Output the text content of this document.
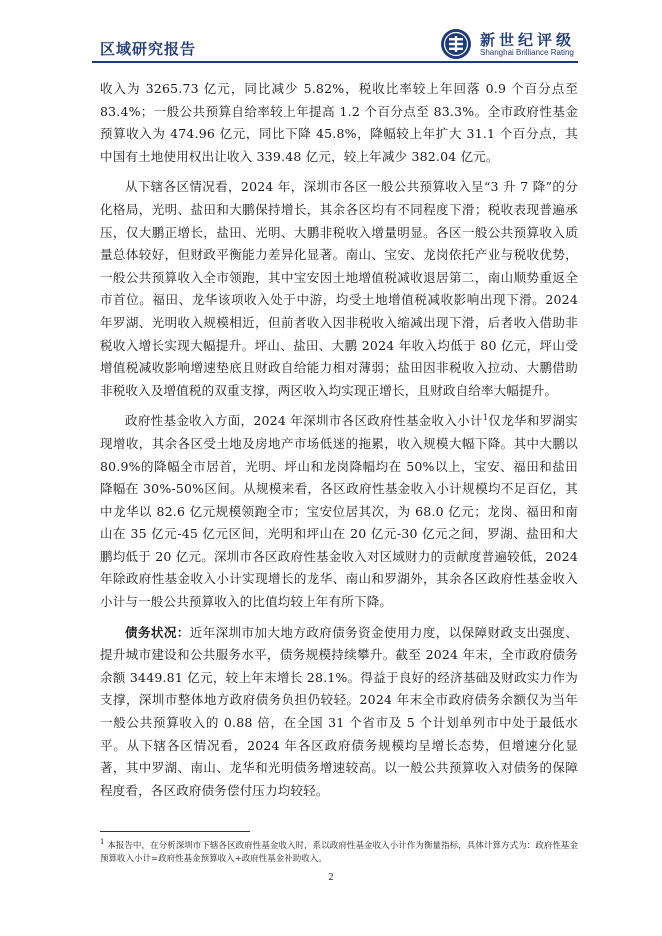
区域研究报告	新世纪评级
Shanghai Brilliance Rating

收入为 3265.73 亿元，同比减少 5.82%，税收比率较上年回落 0.9 个百分点至 83.4%；一般公共预算自给率较上年提高 1.2 个百分点至 83.3%。全市政府性基金预算收入为 474.96 亿元，同比下降 45.8%，降幅较上年扩大 31.1 个百分点，其中国有土地使用权出让收入 339.48 亿元，较上年减少 382.04 亿元。

从下辖各区情况看，2024 年，深圳市各区一般公共预算收入呈“3 升 7 降”的分化格局，光明、盐田和大鹏保持增长，其余各区均有不同程度下滑；税收表现普遍承压，仅大鹏正增长，盐田、光明、大鹏非税收入增量明显。各区一般公共预算收入质量总体较好，但财政平衡能力差异化显著。南山、宝安、龙岗依托产业与税收优势，一般公共预算收入全市领跑，其中宝安因土地增值税减收退居第二，南山顺势重返全市首位。福田、龙华该项收入处于中游，均受土地增值税减收影响出现下滑。2024 年罗湖、光明收入规模相近，但前者收入因非税收入缩减出现下滑，后者收入借助非税收入增长实现大幅提升。坪山、盐田、大鹏 2024 年收入均低于 80 亿元，坪山受增值税减收影响增速垫底且财政自给能力相对薄弱；盐田因非税收入拉动、大鹏借助非税收入及增值税的双重支撑，两区收入均实现正增长，且财政自给率大幅提升。

政府性基金收入方面，2024 年深圳市各区政府性基金收入小计$^1$仅龙华和罗湖实现增收，其余各区受土地及房地产市场低迷的拖累，收入规模大幅下降。其中大鹏以 80.9%的降幅全市居首，光明、坪山和龙岗降幅均在 50%以上，宝安、福田和盐田降幅在 30%-50%区间。从规模来看，各区政府性基金收入小计规模均不足百亿，其中龙华以 82.6 亿元规模领跑全市；宝安位居其次，为 68.0 亿元；龙岗、福田和南山在 35 亿元-45 亿元区间，光明和坪山在 20 亿元-30 亿元之间，罗湖、盐田和大鹏均低于 20 亿元。深圳市各区政府性基金收入对区域财力的贡献度普遍较低，2024 年除政府性基金收入小计实现增长的龙华、南山和罗湖外，其余各区政府性基金收入小计与一般公共预算收入的比值均较上年有所下降。

债务状况：近年深圳市加大地方政府债务资金使用力度，以保障财政支出强度、提升城市建设和公共服务水平，债务规模持续攀升。截至 2024 年末，全市政府债务余额 3449.81 亿元，较上年末增长 28.1%。得益于良好的经济基础及财政实力作为支撑，深圳市整体地方政府债务负担仍较轻。2024 年末全市政府债务余额仅为当年一般公共预算收入的 0.88 倍，在全国 31 个省市及 5 个计划单列市中处于最低水平。从下辖各区情况看，2024 年各区政府债务规模均呈增长态势，但增速分化显著，其中罗湖、南山、龙华和光明债务增速较高。以一般公共预算收入对债务的保障程度看，各区政府债务偿付压力均较轻。

$^1$ 本报告中，在分析深圳市下辖各区政府性基金收入时，系以政府性基金收入小计作为衡量指标，具体计算方式为：政府性基金预算收入小计=政府性基金预算收入+政府性基金补助收入。
2
